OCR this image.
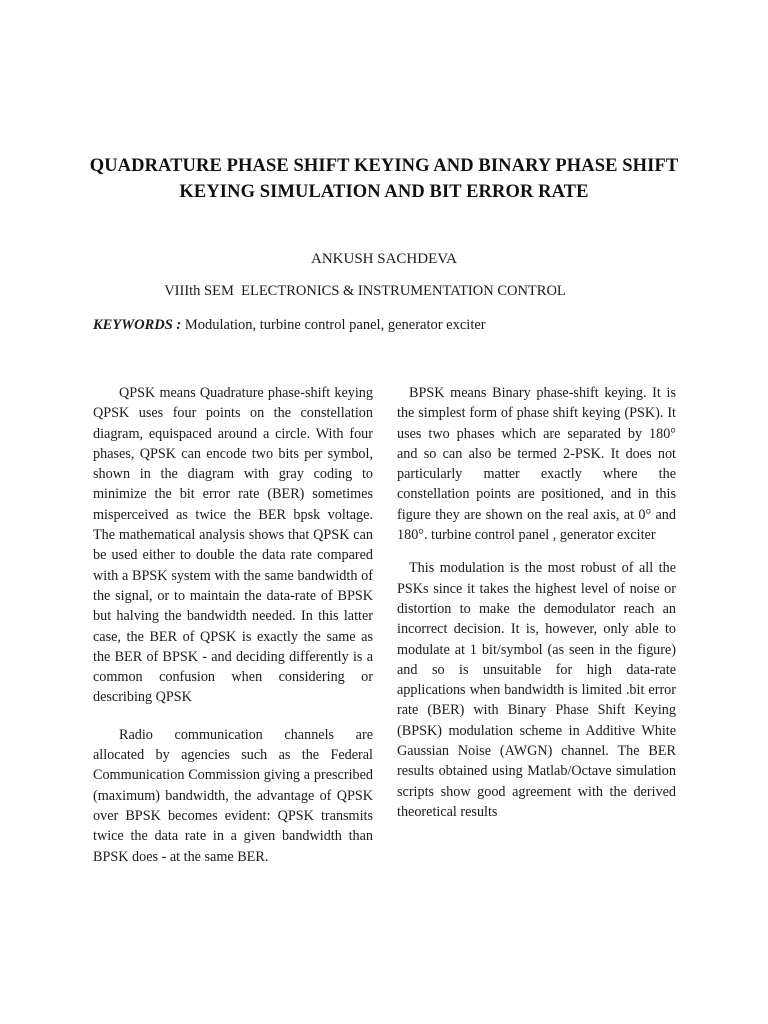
QUADRATURE PHASE SHIFT KEYING AND BINARY PHASE SHIFT
KEYING SIMULATION AND BIT ERROR RATE
ANKUSH SACHDEVA
VIIIth SEM  ELECTRONICS & INSTRUMENTATION CONTROL
KEYWORDS : Modulation, turbine control panel, generator exciter

QPSK means Quadrature phase-shift keying QPSK uses four points on the constellation diagram, equispaced around a circle. With four phases, QPSK can encode two bits per symbol, shown in the diagram with gray coding to minimize the bit error rate (BER) sometimes misperceived as twice the BER bpsk voltage. The mathematical analysis shows that QPSK can be used either to double the data rate compared with a BPSK system with the same bandwidth of the signal, or to maintain the data-rate of BPSK but halving the bandwidth needed. In this latter case, the BER of QPSK is exactly the same as the BER of BPSK - and deciding differently is a common confusion when considering or describing QPSK

Radio communication channels are allocated by agencies such as the Federal Communication Commission giving a prescribed (maximum) bandwidth, the advantage of QPSK over BPSK becomes evident: QPSK transmits twice the data rate in a given bandwidth than BPSK does - at the same BER.

BPSK means Binary phase-shift keying. It is the simplest form of phase shift keying (PSK). It uses two phases which are separated by 180° and so can also be termed 2-PSK. It does not particularly matter exactly where the constellation points are positioned, and in this figure they are shown on the real axis, at 0° and 180°. turbine control panel , generator exciter

This modulation is the most robust of all the PSKs since it takes the highest level of noise or distortion to make the demodulator reach an incorrect decision. It is, however, only able to modulate at 1 bit/symbol (as seen in the figure) and so is unsuitable for high data-rate applications when bandwidth is limited .bit error rate (BER) with Binary Phase Shift Keying (BPSK) modulation scheme in Additive White Gaussian Noise (AWGN) channel. The BER results obtained using Matlab/Octave simulation scripts show good agreement with the derived theoretical results
